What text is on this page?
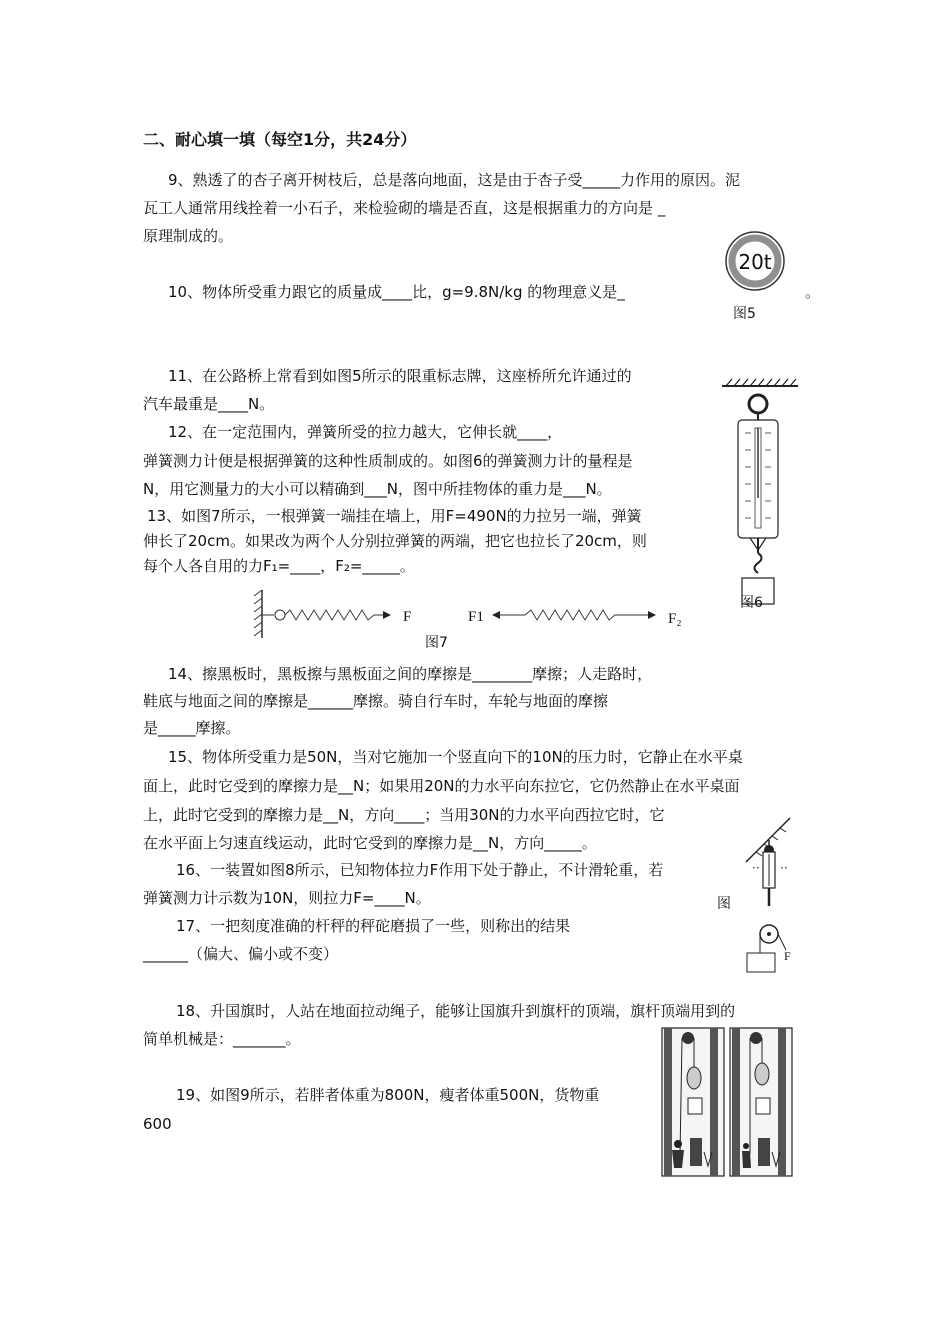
二、耐心填一填（每空1分，共24分）
9、熟透了的杏子离开树枝后，总是落向地面，这是由于杏子受_____力作用的原因。泥
瓦工人通常用线拴着一小石子，来检验砌的墙是否直，这是根据重力的方向是 _
原理制成的。
10、物体所受重力跟它的质量成____比，g=9.8N/kg 的物理意义是_	。
20t
图5
11、在公路桥上常看到如图5所示的限重标志牌，这座桥所允许通过的
汽车最重是____N。
12、在一定范围内，弹簧所受的拉力越大，它伸长就____，
弹簧测力计便是根据弹簧的这种性质制成的。如图6的弹簧测力计的量程是
N，用它测量力的大小可以精确到___N，图中所挂物体的重力是___N。
图6
13、如图7所示，一根弹簧一端挂在墙上，用F=490N的力拉另一端，弹簧
伸长了20cm。如果改为两个人分别拉弹簧的两端，把它也拉长了20cm，则
每个人各自用的力F₁=____，F₂=_____。
F	F1	F₂
图7
14、擦黑板时，黑板擦与黑板面之间的摩擦是________摩擦；人走路时，
鞋底与地面之间的摩擦是______摩擦。骑自行车时，车轮与地面的摩擦
是_____摩擦。
15、物体所受重力是50N，当对它施加一个竖直向下的10N的压力时，它静止在水平桌
面上，此时它受到的摩擦力是__N；如果用20N的力水平向东拉它，它仍然静止在水平桌面
上，此时它受到的摩擦力是__N，方向____；当用30N的力水平向西拉它时，它
在水平面上匀速直线运动，此时它受到的摩擦力是__N，方向_____。
·· ··
F
图
16、一装置如图8所示，已知物体拉力F作用下处于静止，不计滑轮重，若
弹簧测力计示数为10N，则拉力F=____N。
17、一把刻度准确的杆秤的秤砣磨损了一些，则称出的结果
______（偏大、偏小或不变）
18、升国旗时，人站在地面拉动绳子，能够让国旗升到旗杆的顶端，旗杆顶端用到的
简单机械是：_______。
19、如图9所示，若胖者体重为800N，瘦者体重500N，货物重
600
